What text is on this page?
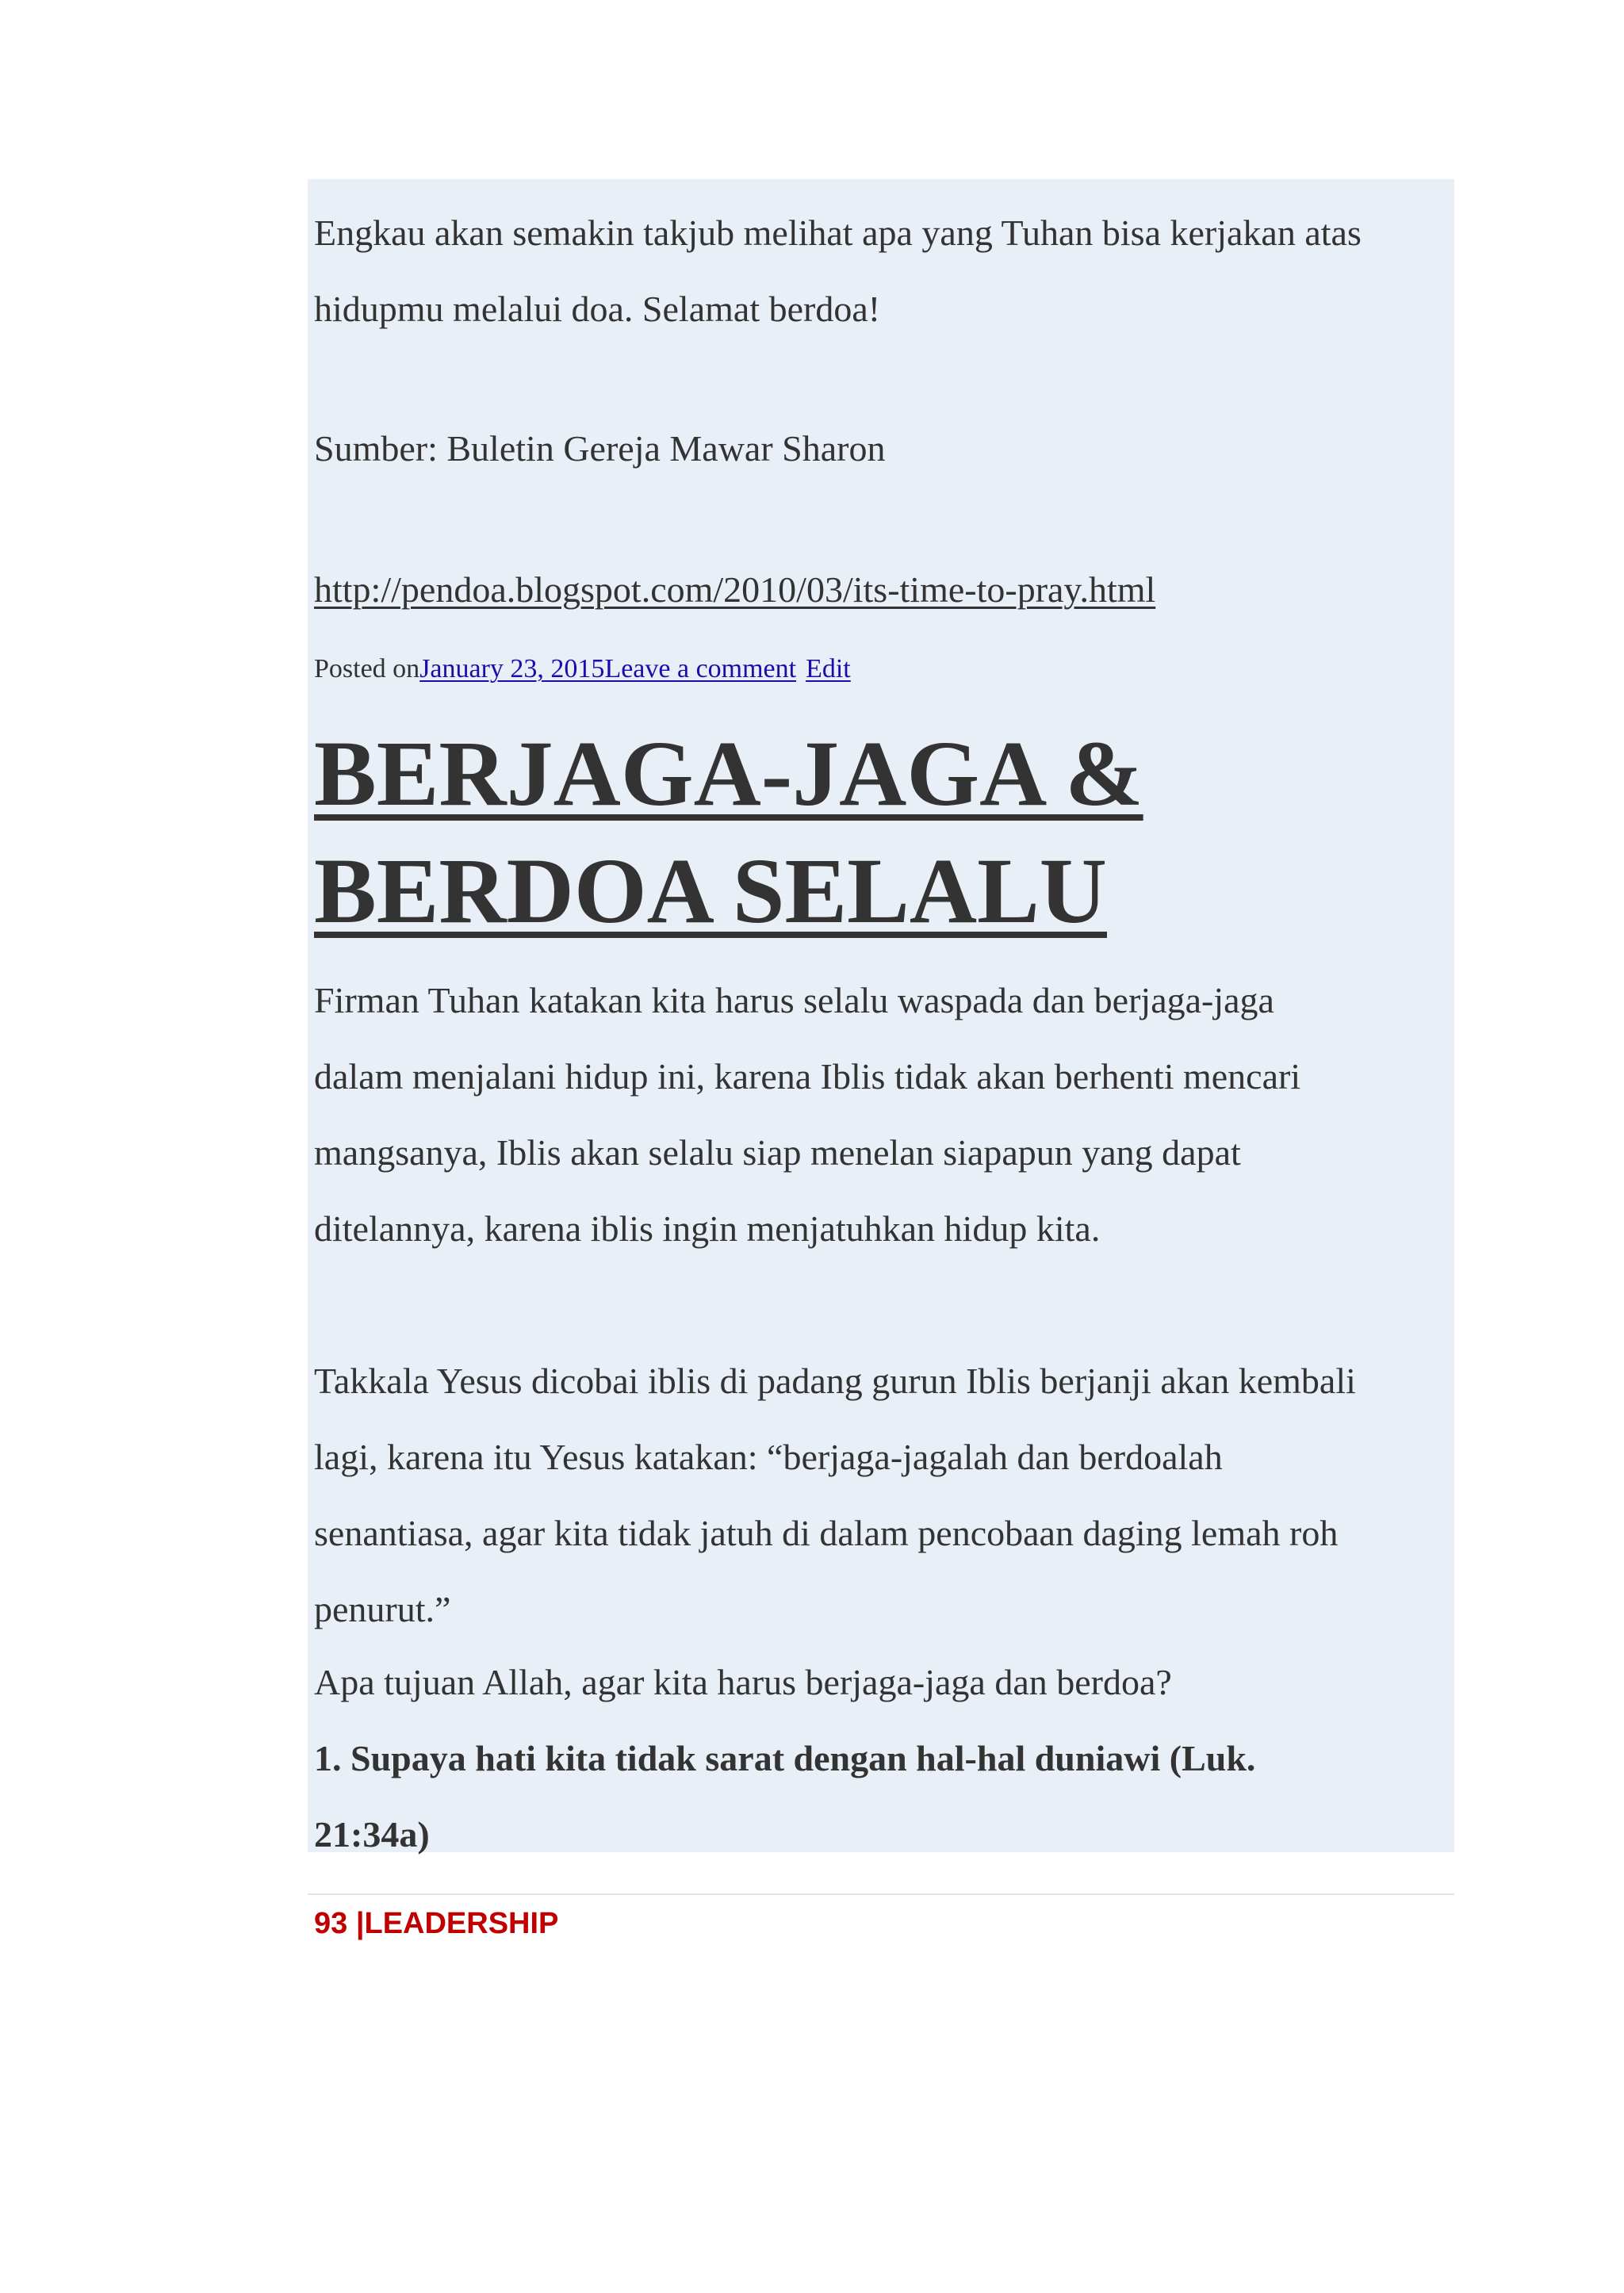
Engkau akan semakin takjub melihat apa yang Tuhan bisa kerjakan atas

hidupmu melalui doa. Selamat berdoa!

Sumber: Buletin Gereja Mawar Sharon

http://pendoa.blogspot.com/2010/03/its-time-to-pray.html

Posted onJanuary 23, 2015Leave a comment Edit
BERJAGA-JAGA &
BERDOA SELALU

Firman Tuhan katakan kita harus selalu waspada dan berjaga-jaga

dalam menjalani hidup ini, karena Iblis tidak akan berhenti mencari

mangsanya, Iblis akan selalu siap menelan siapapun yang dapat

ditelannya, karena iblis ingin menjatuhkan hidup kita.

Takkala Yesus dicobai iblis di padang gurun Iblis berjanji akan kembali

lagi, karena itu Yesus katakan: “berjaga-jagalah dan berdoalah

senantiasa, agar kita tidak jatuh di dalam pencobaan daging lemah roh

penurut.”

Apa tujuan Allah, agar kita harus berjaga-jaga dan berdoa?

1. Supaya hati kita tidak sarat dengan hal-hal duniawi (Luk.

21:34a)

93 |LEADERSHIP
